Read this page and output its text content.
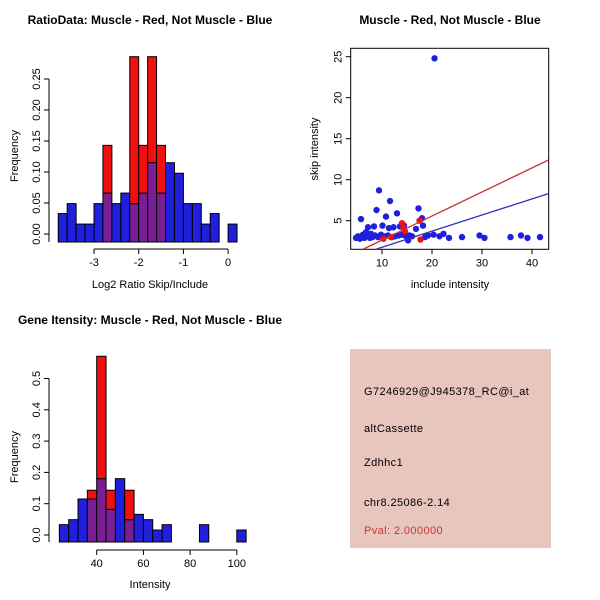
RatioData: Muscle - Red, Not Muscle - Blue
Frequency
0.00
0.05
0.10
0.15
0.20
0.25
-3	-2	-1	0
Log2 Ratio Skip/Include
Muscle - Red, Not Muscle - Blue
skip intensity
10	20	30	40
5
10
15
20
25
include intensity
Gene Itensity: Muscle - Red, Not Muscle - Blue
Frequency
0.0
0.1
0.2
0.3
0.4
0.5
40	60	80	100
Intensity
G7246929@J945378_RC@i_at
altCassette
Zdhhc1
chr8.25086-2.14
Pval: 2.000000
